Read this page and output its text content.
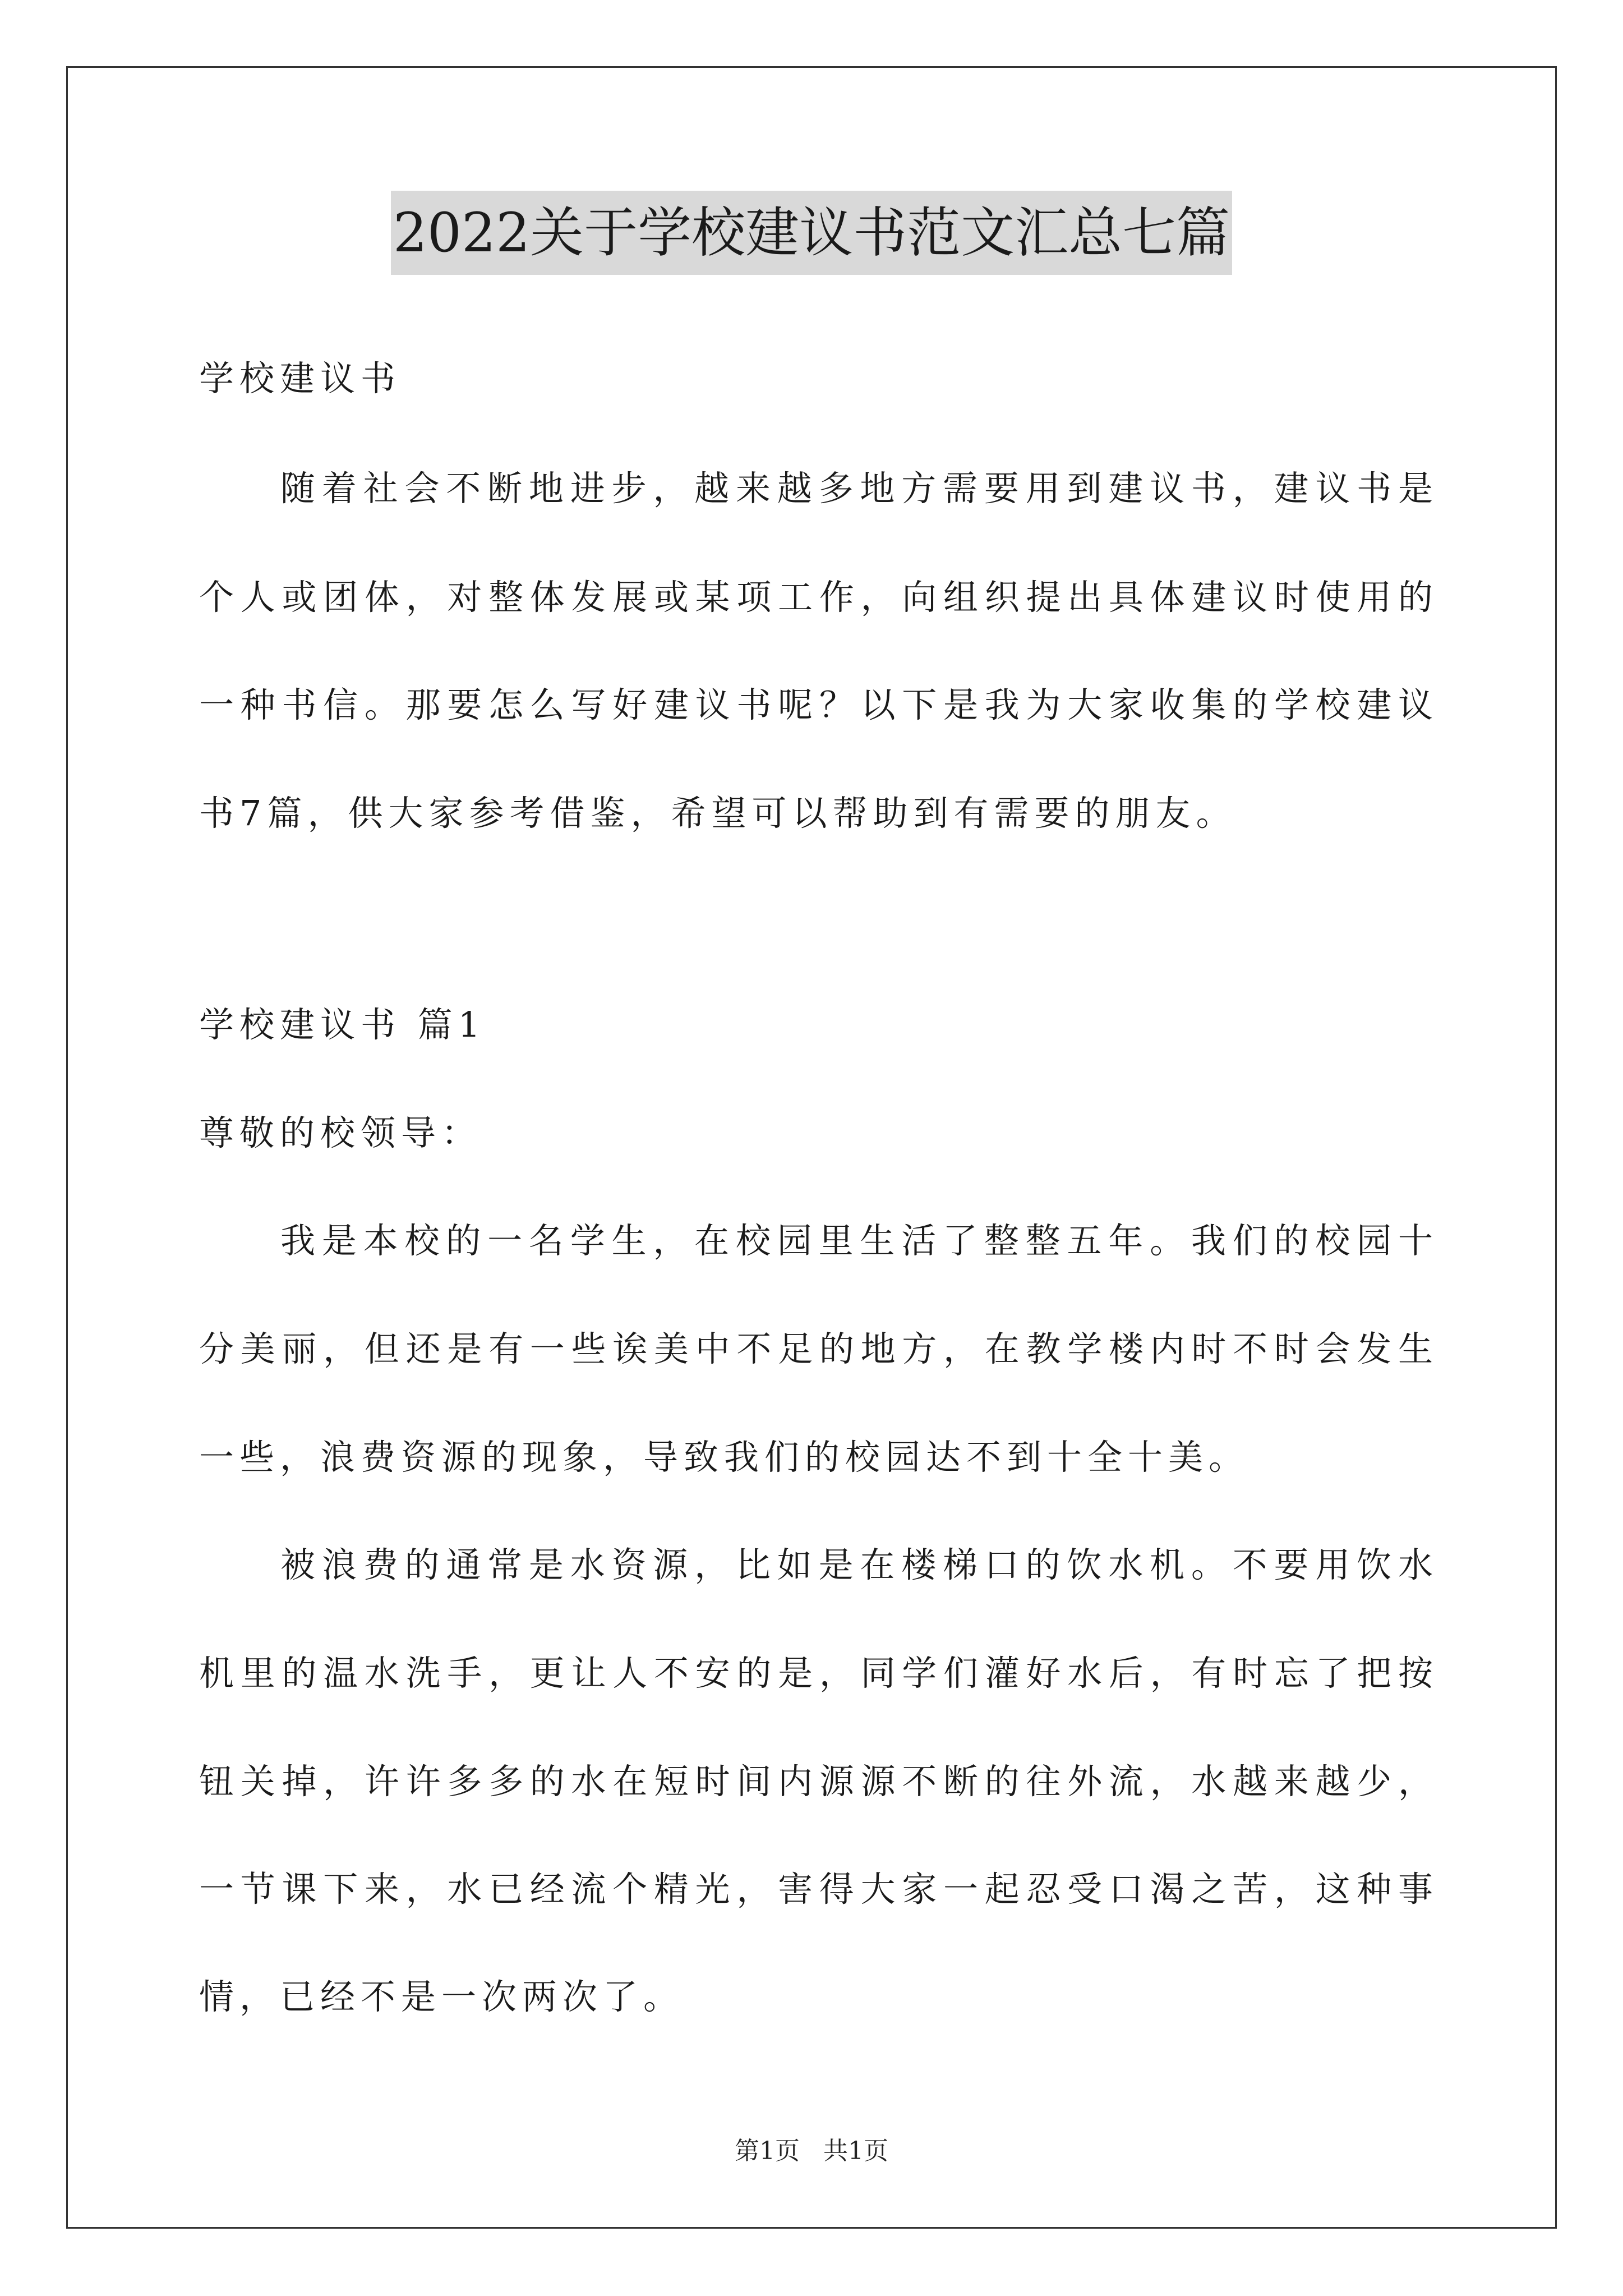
2022关于学校建议书范文汇总七篇
学校建议书
随着社会不断地进步，越来越多地方需要用到建议书，建议书是
个人或团体，对整体发展或某项工作，向组织提出具体建议时使用的
一种书信。那要怎么写好建议书呢？以下是我为大家收集的学校建议
书7篇，供大家参考借鉴，希望可以帮助到有需要的朋友。
学校建议书 篇1
尊敬的校领导：
我是本校的一名学生，在校园里生活了整整五年。我们的校园十
分美丽，但还是有一些诶美中不足的地方，在教学楼内时不时会发生
一些，浪费资源的现象，导致我们的校园达不到十全十美。
被浪费的通常是水资源，比如是在楼梯口的饮水机。不要用饮水
机里的温水洗手，更让人不安的是，同学们灌好水后，有时忘了把按
钮关掉，许许多多的水在短时间内源源不断的往外流，水越来越少，
一节课下来，水已经流个精光，害得大家一起忍受口渴之苦，这种事
情，已经不是一次两次了。
第1页 共1页
